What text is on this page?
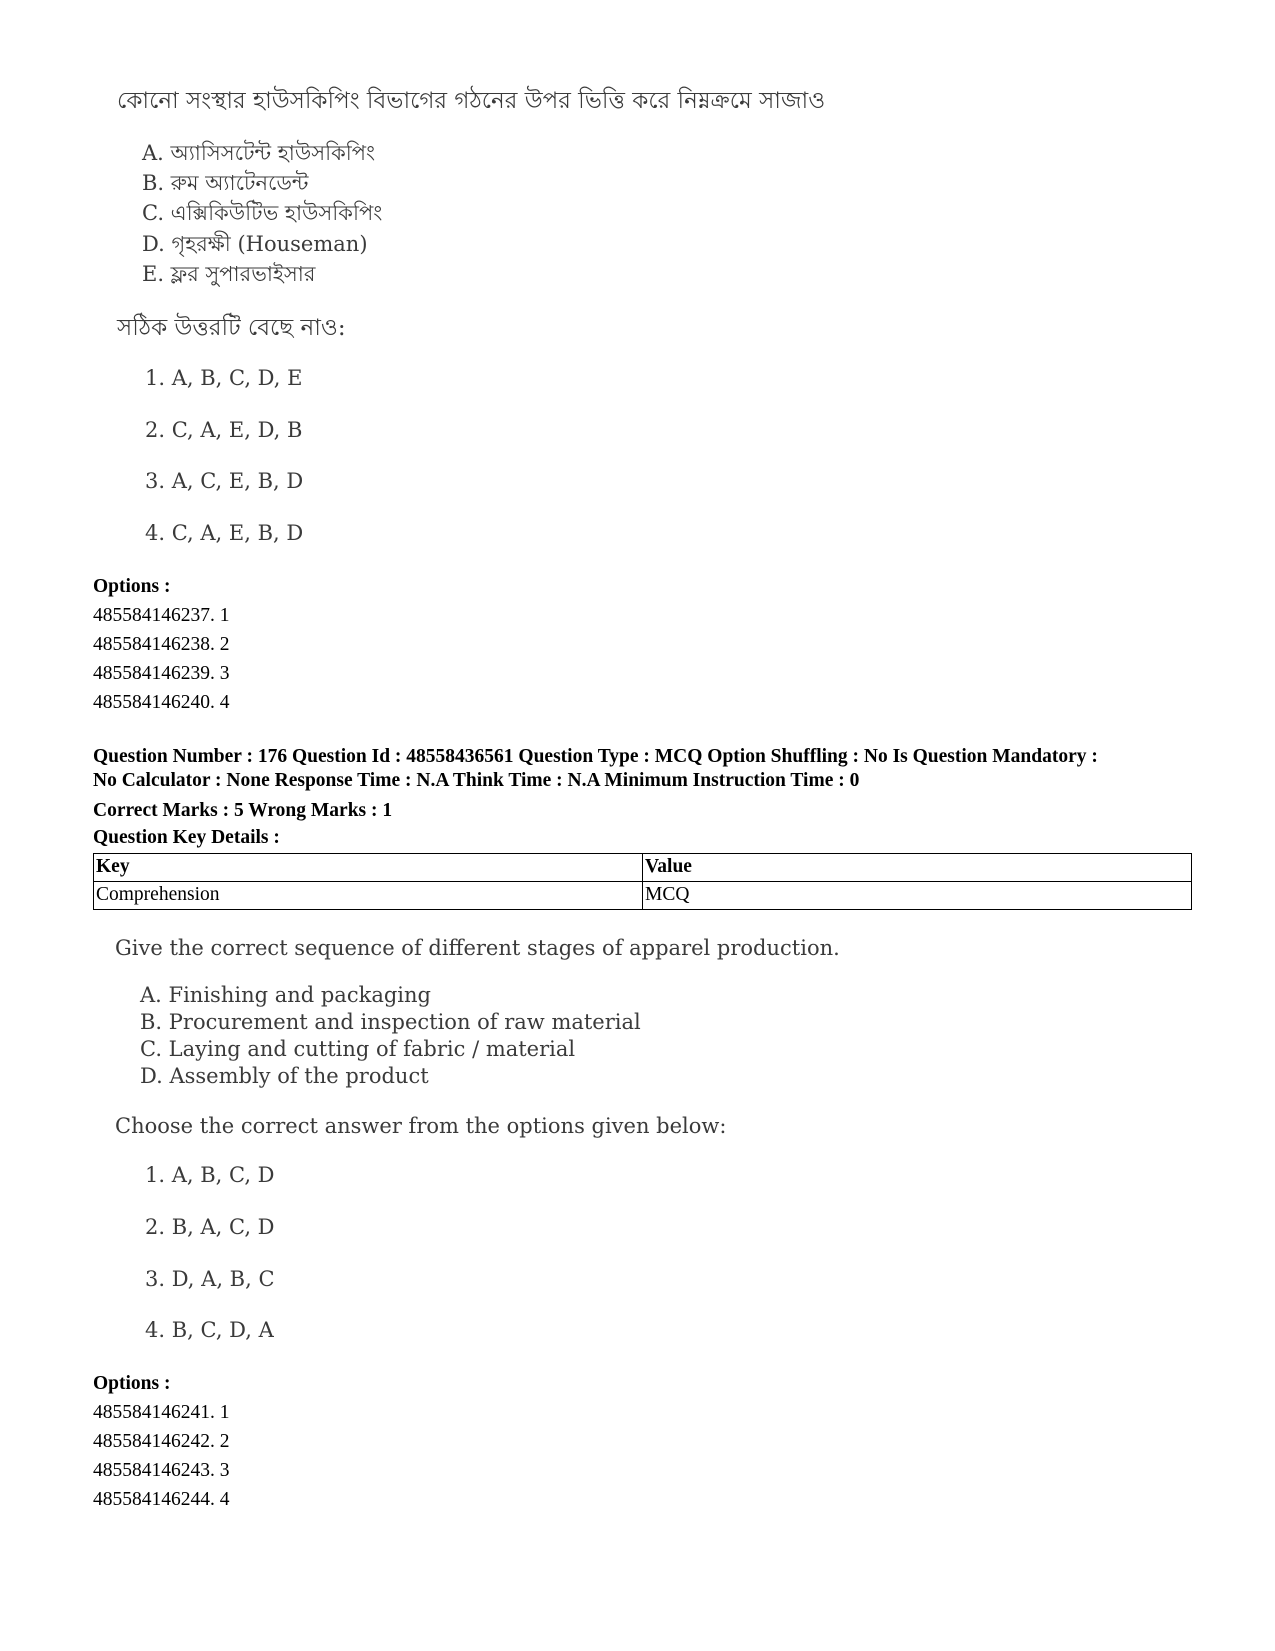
কোনো সংস্থার হাউসকিপিং বিভাগের গঠনের উপর ভিত্তি করে নিম্নক্রমে সাজাও

A. অ্যাসিসটেন্ট হাউসকিপিং

B. রুম অ্যাটেনডেন্ট

C. এক্সিকিউটিভ হাউসকিপিং

D. গৃহরক্ষী (Houseman)

E. ফ্লর সুপারভাইসার

সঠিক উত্তরটি বেছে নাও:

1. A, B, C, D, E

2. C, A, E, D, B

3. A, C, E, B, D

4. C, A, E, B, D

Options :
485584146237. 1
485584146238. 2
485584146239. 3
485584146240. 4
Question Number : 176 Question Id : 48558436561 Question Type : MCQ Option Shuffling : No Is Question Mandatory :
No Calculator : None Response Time : N.A Think Time : N.A Minimum Instruction Time : 0
Correct Marks : 5 Wrong Marks : 1
Question Key Details :
Key	Value
Comprehension	MCQ

Give the correct sequence of different stages of apparel production.

A. Finishing and packaging

B. Procurement and inspection of raw material

C. Laying and cutting of fabric / material

D. Assembly of the product

Choose the correct answer from the options given below:

1. A, B, C, D

2. B, A, C, D

3. D, A, B, C

4. B, C, D, A

Options :
485584146241. 1
485584146242. 2
485584146243. 3
485584146244. 4
